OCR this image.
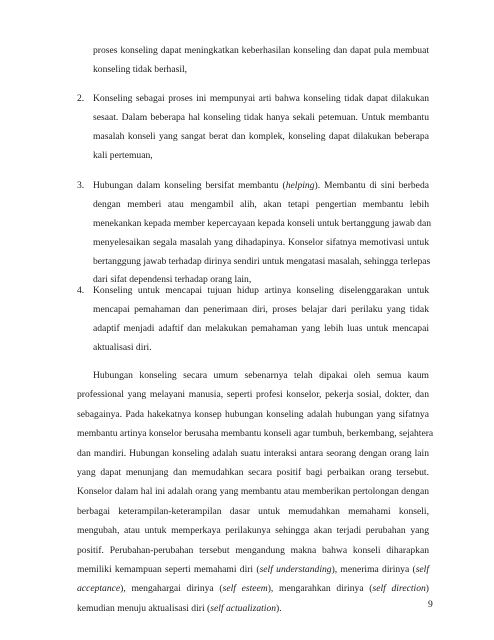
proses konseling dapat meningkatkan keberhasilan konseling dan dapat pula membuat
konseling tidak berhasil,
2. Konseling sebagai proses ini mempunyai arti bahwa konseling tidak dapat dilakukan
sesaat. Dalam beberapa hal konseling tidak hanya sekali petemuan. Untuk membantu
masalah konseli yang sangat berat dan komplek, konseling dapat dilakukan beberapa
kali pertemuan,
3. Hubungan dalam konseling bersifat membantu (helping). Membantu di sini berbeda
dengan memberi atau mengambil alih, akan tetapi pengertian membantu lebih
menekankan kepada member kepercayaan kepada konseli untuk bertanggung jawab dan
menyelesaikan segala masalah yang dihadapinya. Konselor sifatnya memotivasi untuk
bertanggung jawab terhadap dirinya sendiri untuk mengatasi masalah, sehingga terlepas
dari sifat dependensi terhadap orang lain,
4. Konseling untuk mencapai tujuan hidup artinya konseling diselenggarakan untuk
mencapai pemahaman dan penerimaan diri, proses belajar dari perilaku yang tidak
adaptif menjadi adaftif dan melakukan pemahaman yang lebih luas untuk mencapai
aktualisasi diri.
Hubungan konseling secara umum sebenarnya telah dipakai oleh semua kaum
professional yang melayani manusia, seperti profesi konselor, pekerja sosial, dokter, dan
sebagainya. Pada hakekatnya konsep hubungan konseling adalah hubungan yang sifatnya
membantu artinya konselor berusaha membantu konseli agar tumbuh, berkembang, sejahtera
dan mandiri. Hubungan konseling adalah suatu interaksi antara seorang dengan orang lain
yang dapat menunjang dan memudahkan secara positif bagi perbaikan orang tersebut.
Konselor dalam hal ini adalah orang yang membantu atau memberikan pertolongan dengan
berbagai keterampilan-keterampilan dasar untuk memudahkan memahami konseli,
mengubah, atau untuk memperkaya perilakunya sehingga akan terjadi perubahan yang
positif. Perubahan-perubahan tersebut mengandung makna bahwa konseli diharapkan
memiliki kemampuan seperti memahami diri (self understanding), menerima dirinya (self
acceptance), mengahargai dirinya (self esteem), mengarahkan dirinya (self direction)
kemudian menuju aktualisasi diri (self actualization).	9
